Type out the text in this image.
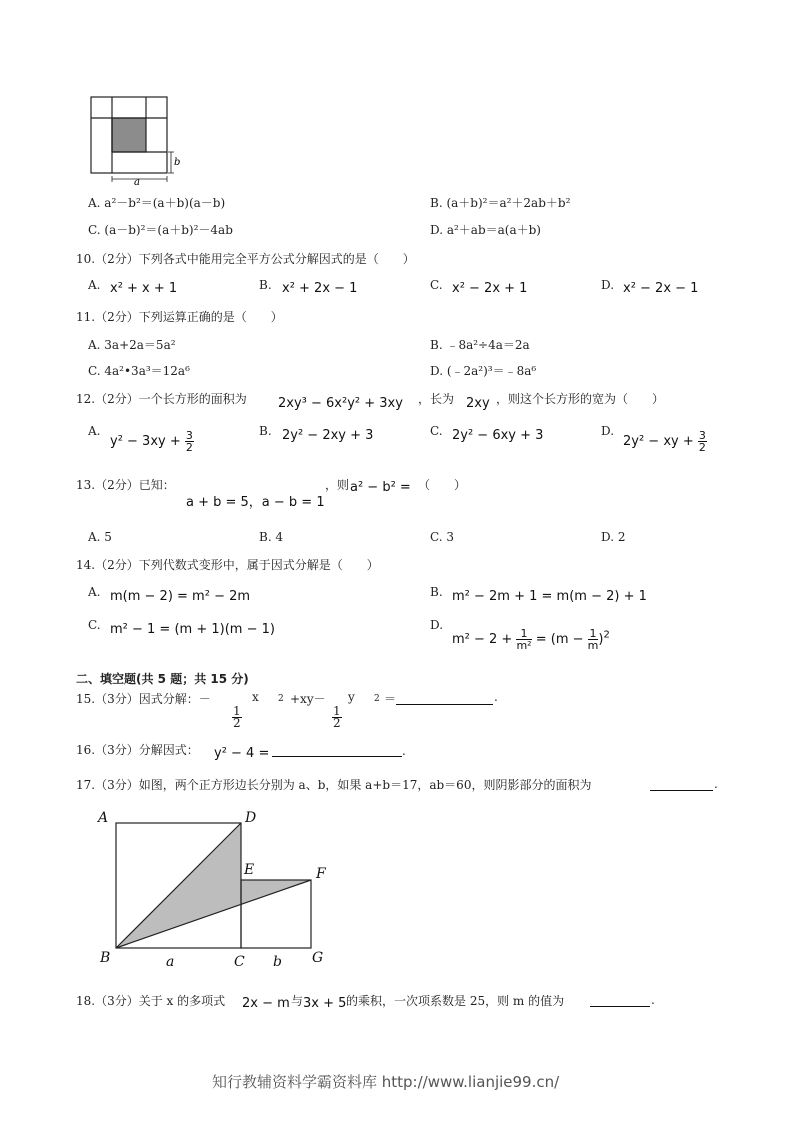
b
a
A. a²－b²＝(a＋b)(a－b)	B. (a＋b)²＝a²＋2ab＋b²
C. (a－b)²＝(a＋b)²－4ab	D. a²＋ab＝a(a＋b)
10.（2分）下列各式中能用完全平方公式分解因式的是（　　）
A. x² + x + 1	B. x² + 2x − 1	C. x² − 2x + 1	D. x² − 2x − 1
11.（2分）下列运算正确的是（　　）
A. 3a+2a＝5a²	B. ﹣8a²÷4a＝2a
C. 4a²•3a³＝12a⁶	D. (﹣2a²)³＝﹣8a⁶
12.（2分）一个长方形的面积为 2xy³ − 6x²y² + 3xy ，长为 2xy ，则这个长方形的宽为（　　）
A.
$y^2 - 3xy + \frac{3}{2}$	B. 2y² − 2xy + 3	C. 2y² − 6xy + 3	D.
2y² − xy + $\frac{3}{2}$
13.（2分）已知：
a + b = 5，a − b = 1
，则 a² − b² = （　　）
A. 5	B. 4	C. 3	D. 2
14.（2分）下列代数式变形中，属于因式分解是（　　）
A. m(m − 2) = m² − 2m	B. m² − 2m + 1 = m(m − 2) + 1
C. m² − 1 = (m + 1)(m − 1)	D.
$m^2 - 2 + \frac{1}{\text{m²}} = (m - \frac{1}{m} )^2$
二、填空题(共 5 题；共 15 分)
15.（3分）因式分解：－
$\frac{1}{2}$
x 2 +xy－
$\frac{1}{2}$
y 2 ＝	.
16.（3分）分解因式： y² − 4 =	.
17.（3分）如图，两个正方形边长分别为 a、b，如果 a+b＝17，ab＝60，则阴影部分的面积为	.
A	D
E	F
B	C	G
a	b
18.（3分）关于 x 的多项式 2x − m 与 3x + 5 的乘积，一次项系数是 25，则 m 的值为	.
知行教辅资料学霸资料库 http://www.lianjie99.cn/
